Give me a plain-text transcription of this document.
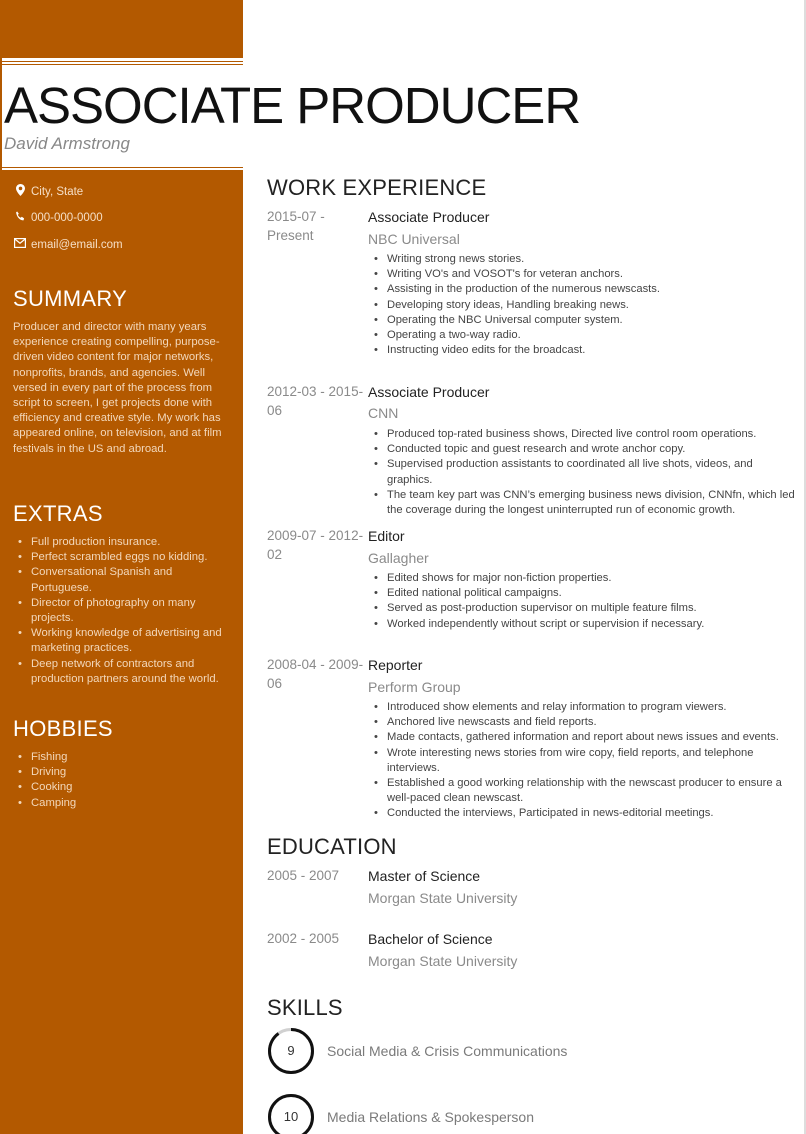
ASSOCIATE PRODUCER
David Armstrong
City, State
000-000-0000
email@email.com
SUMMARY
Producer and director with many years experience creating compelling, purpose-driven video content for major networks, nonprofits, brands, and agencies. Well versed in every part of the process from script to screen, I get projects done with efficiency and creative style. My work has appeared online, on television, and at film festivals in the US and abroad.
EXTRAS
• Full production insurance.
• Perfect scrambled eggs no kidding.
• Conversational Spanish and Portuguese.
• Director of photography on many projects.
• Working knowledge of advertising and marketing practices.
• Deep network of contractors and production partners around the world.
HOBBIES
• Fishing
• Driving
• Cooking
• Camping
WORK EXPERIENCE
2015-07 - Present
Associate Producer
NBC Universal
• Writing strong news stories.
• Writing VO's and VOSOT's for veteran anchors.
• Assisting in the production of the numerous newscasts.
• Developing story ideas, Handling breaking news.
• Operating the NBC Universal computer system.
• Operating a two-way radio.
• Instructing video edits for the broadcast.
2012-03 - 2015-06
Associate Producer
CNN
• Produced top-rated business shows, Directed live control room operations.
• Conducted topic and guest research and wrote anchor copy.
• Supervised production assistants to coordinated all live shots, videos, and graphics.
• The team key part was CNN’s emerging business news division, CNNfn, which led the coverage during the longest uninterrupted run of economic growth.
2009-07 - 2012-02
Editor
Gallagher
• Edited shows for major non-fiction properties.
• Edited national political campaigns.
• Served as post-production supervisor on multiple feature films.
• Worked independently without script or supervision if necessary.
2008-04 - 2009-06
Reporter
Perform Group
• Introduced show elements and relay information to program viewers.
• Anchored live newscasts and field reports.
• Made contacts, gathered information and report about news issues and events.
• Wrote interesting news stories from wire copy, field reports, and telephone interviews.
• Established a good working relationship with the newscast producer to ensure a well-paced clean newscast.
• Conducted the interviews, Participated in news-editorial meetings.
EDUCATION
2005 - 2007	Master of Science
Morgan State University
2002 - 2005	Bachelor of Science
Morgan State University
SKILLS
9	Social Media & Crisis Communications
10	Media Relations & Spokesperson
